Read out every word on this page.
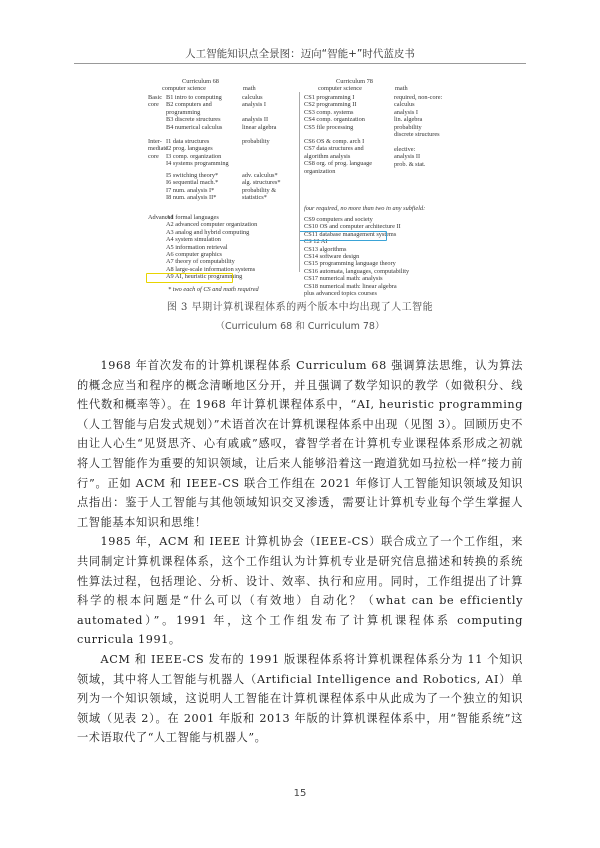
人工智能知识点全景图：迈向“智能+”时代蓝皮书
Curriculum 68
computer science	math
Curriculum 78
computer science	math
Basic
core
Inter-
mediate
core
Advanced
B1 intro to computing
B2 computers and
programming
B3 discrete structures
B4 numerical calculus
calculus
analysis I
analysis II
linear algebra
I1 data structures
I2 prog. languages
I3 comp. organization
I4 systems programming
probability
I5 switching theory*
I6 sequential mach.*
I7 num. analysis I*
I8 num. analysis II*
adv. calculus*
alg. structures*
probability &
statistics*
A1 formal languages
A2 advanced computer organization
A3 analog and hybrid computing
A4 system simulation
A5 information retrieval
A6 computer graphics
A7 theory of computability
A8 large-scale information systems
A9 AI, heuristic programming
* two each of CS and math required
CS1 programming I
CS2 programming II
CS3 comp. systems
CS4 comp. organization
CS5 file processing
required, non-core:
calculus
analysis I
lin. algebra
probability
discrete structures
CS6 OS & comp. arch I
CS7 data structures and
algorithm analysis
CS8 org. of prog. language
organization
elective:
analysis II
prob. & stat.
four required, no more than two in any subfield:
CS9 computers and society
CS10 OS and computer architecture II
CS11 database management systems
CS 12 AI
CS13 algorithms
CS14 software design
CS15 programming language theory
CS16 automata, languages, computability
CS17 numerical math: analysis
CS18 numerical math: linear algebra
plus advanced topics courses
图 3 早期计算机课程体系的两个版本中均出现了人工智能
（Curriculum 68 和 Curriculum 78）

1968 年首次发布的计算机课程体系 Curriculum 68 强调算法思维，认为算法的概念应当和程序的概念清晰地区分开，并且强调了数学知识的教学（如微积分、线性代数和概率等）。在 1968 年计算机课程体系中，“AI, heuristic programming（人工智能与启发式规划）”术语首次在计算机课程体系中出现（见图 3）。回顾历史不由让人心生“见贤思齐、心有戚戚”感叹，睿智学者在计算机专业课程体系形成之初就将人工智能作为重要的知识领域，让后来人能够沿着这一跑道犹如马拉松一样“接力前行”。正如 ACM 和 IEEE-CS 联合工作组在 2021 年修订人工智能知识领域及知识点指出：鉴于人工智能与其他领域知识交叉渗透，需要让计算机专业每个学生掌握人工智能基本知识和思维！

1985 年，ACM 和 IEEE 计算机协会（IEEE-CS）联合成立了一个工作组，来共同制定计算机课程体系，这个工作组认为计算机专业是研究信息描述和转换的系统性算法过程，包括理论、分析、设计、效率、执行和应用。同时，工作组提出了计算科学的根本问题是“什么可以（有效地）自动化？（what can be efficiently automated）”。1991 年，这个工作组发布了计算机课程体系 computing curricula 1991。

ACM 和 IEEE-CS 发布的 1991 版课程体系将计算机课程体系分为 11 个知识领域，其中将人工智能与机器人（Artificial Intelligence and Robotics, AI）单列为一个知识领域，这说明人工智能在计算机课程体系中从此成为了一个独立的知识领域（见表 2）。在 2001 年版和 2013 年版的计算机课程体系中，用“智能系统”这一术语取代了“人工智能与机器人”。

15
